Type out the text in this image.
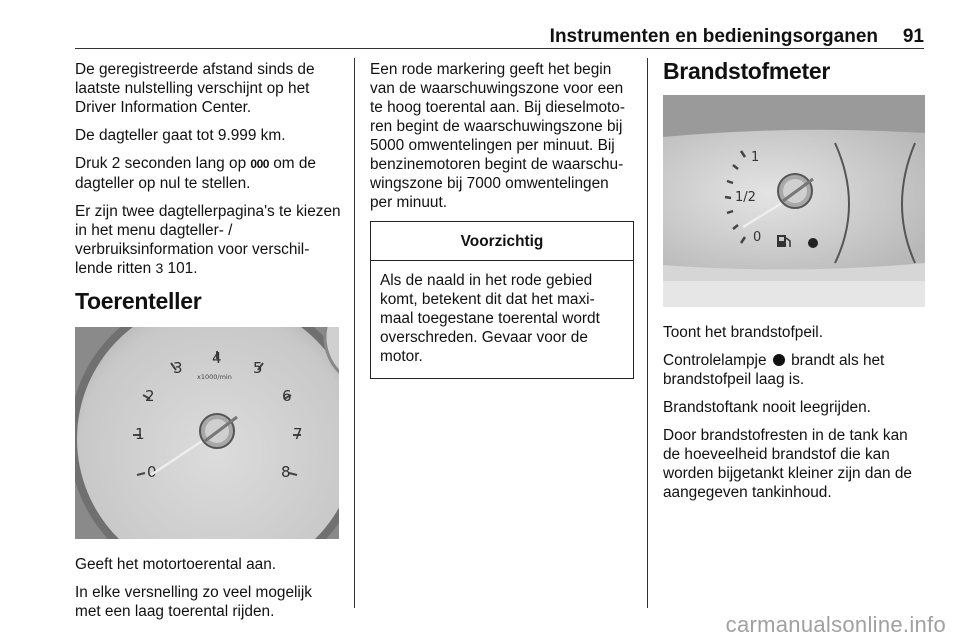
Instrumenten en bedieningsorganen 91

De geregistreerde afstand sinds de laatste nulstelling verschijnt op het Driver Information Center.

De dagteller gaat tot 9.999 km.

Druk 2 seconden lang op 000 om de dagteller op nul te stellen.

Er zijn twee dagtellerpagina's te kiezen in het menu dagteller- / verbruiksinformation voor verschil-lende ritten 3 101.

Toerenteller
0
1
2
3
4
5
6
7
8
x1000/min

Geeft het motortoerental aan.

In elke versnelling zo veel mogelijk met een laag toerental rijden.

Een rode markering geeft het begin van de waarschuwingszone voor een te hoog toerental aan. Bij dieselmoto-ren begint de waarschuwingszone bij 5000 omwentelingen per minuut. Bij benzinemotoren begint de waarschu-wingszone bij 7000 omwentelingen per minuut.

Voorzichtig
Als de naald in het rode gebied komt, betekent dit dat het maxi-maal toegestane toerental wordt overschreden. Gevaar voor de motor.
Brandstofmeter
1
1/2
0

Toont het brandstofpeil.

Controlelampje  brandt als het brandstofpeil laag is.

Brandstoftank nooit leegrijden.

Door brandstofresten in de tank kan de hoeveelheid brandstof die kan worden bijgetankt kleiner zijn dan de aangegeven tankinhoud.

carmanualsonline.info
